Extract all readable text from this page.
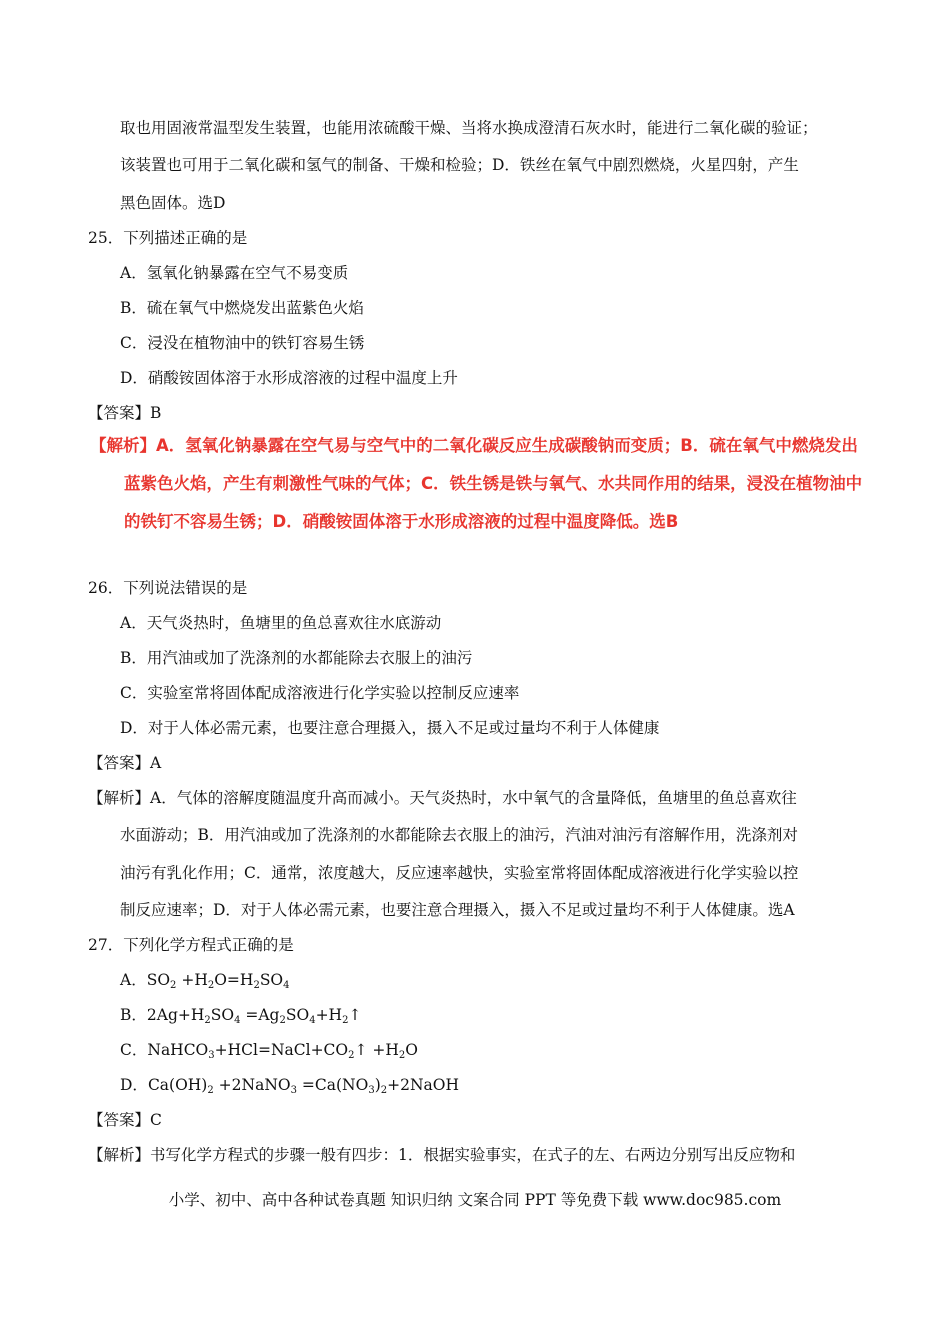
取也用固液常温型发生装置，也能用浓硫酸干燥、当将水换成澄清石灰水时，能进行二氧化碳的验证；
该装置也可用于二氧化碳和氢气的制备、干燥和检验；D．铁丝在氧气中剧烈燃烧，火星四射，产生
黑色固体。选D
25．下列描述正确的是
A．氢氧化钠暴露在空气不易变质
B．硫在氧气中燃烧发出蓝紫色火焰
C．浸没在植物油中的铁钉容易生锈
D．硝酸铵固体溶于水形成溶液的过程中温度上升
【答案】B
【解析】A．氢氧化钠暴露在空气易与空气中的二氧化碳反应生成碳酸钠而变质；B．硫在氧气中燃烧发出
蓝紫色火焰，产生有刺激性气味的气体；C．铁生锈是铁与氧气、水共同作用的结果，浸没在植物油中
的铁钉不容易生锈；D．硝酸铵固体溶于水形成溶液的过程中温度降低。选B
26．下列说法错误的是
A．天气炎热时，鱼塘里的鱼总喜欢往水底游动
B．用汽油或加了洗涤剂的水都能除去衣服上的油污
C．实验室常将固体配成溶液进行化学实验以控制反应速率
D．对于人体必需元素，也要注意合理摄入，摄入不足或过量均不利于人体健康
【答案】A
【解析】A．气体的溶解度随温度升高而减小。天气炎热时，水中氧气的含量降低，鱼塘里的鱼总喜欢往
水面游动；B．用汽油或加了洗涤剂的水都能除去衣服上的油污，汽油对油污有溶解作用，洗涤剂对
油污有乳化作用；C．通常，浓度越大，反应速率越快，实验室常将固体配成溶液进行化学实验以控
制反应速率；D．对于人体必需元素，也要注意合理摄入，摄入不足或过量均不利于人体健康。选A
27．下列化学方程式正确的是
A．$SO_2 +H_2O=H_2SO_4$
B．$2Ag+H_2SO_4$ $=Ag_2SO_4+H_2↑$
C．$NaHCO_3+HCl=NaCl+CO_2↑ +H_2O$
D．$Ca(OH)_2$ +2NaNO$_3$ $=Ca(NO_3)_2+2NaOH$
【答案】C
【解析】书写化学方程式的步骤一般有四步：1．根据实验事实，在式子的左、右两边分别写出反应物和
小学、初中、高中各种试卷真题 知识归纳 文案合同 PPT 等免费下载 www.doc985.com
